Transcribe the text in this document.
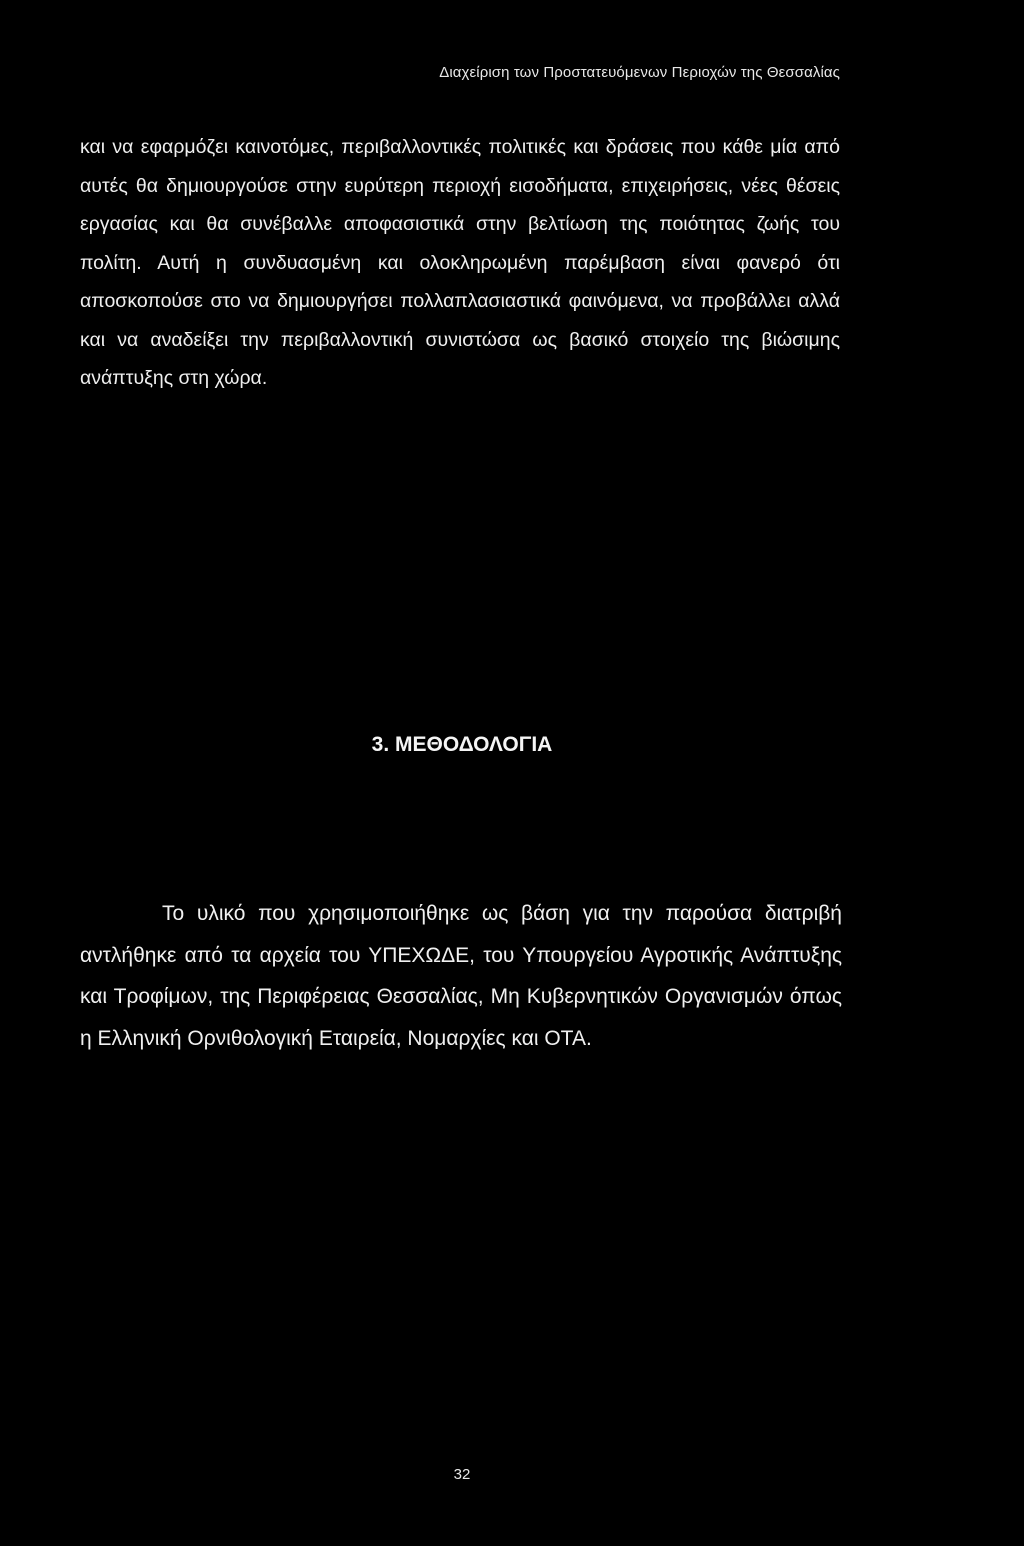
Διαχείριση των Προστατευόμενων Περιοχών της Θεσσαλίας
και να εφαρμόζει καινοτόμες, περιβαλλοντικές πολιτικές και δράσεις που κάθε μία από αυτές θα δημιουργούσε στην ευρύτερη περιοχή εισοδήματα, επιχειρήσεις, νέες θέσεις εργασίας και θα συνέβαλλε αποφασιστικά στην βελτίωση της ποιότητας ζωής του πολίτη. Αυτή η συνδυασμένη και ολοκληρωμένη παρέμβαση είναι φανερό ότι αποσκοπούσε στο να δημιουργήσει πολλαπλασιαστικά φαινόμενα, να προβάλλει αλλά και να αναδείξει την περιβαλλοντική συνιστώσα ως βασικό στοιχείο της βιώσιμης ανάπτυξης στη χώρα.
3. ΜΕΘΟΔΟΛΟΓΙΑ
Το υλικό που χρησιμοποιήθηκε ως βάση για την παρούσα διατριβή αντλήθηκε από τα αρχεία του ΥΠΕΧΩΔΕ, του Υπουργείου Αγροτικής Ανάπτυξης και Τροφίμων, της Περιφέρειας Θεσσαλίας, Μη Κυβερνητικών Οργανισμών όπως η Ελληνική Ορνιθολογική Εταιρεία, Νομαρχίες και ΟΤΑ.
32
